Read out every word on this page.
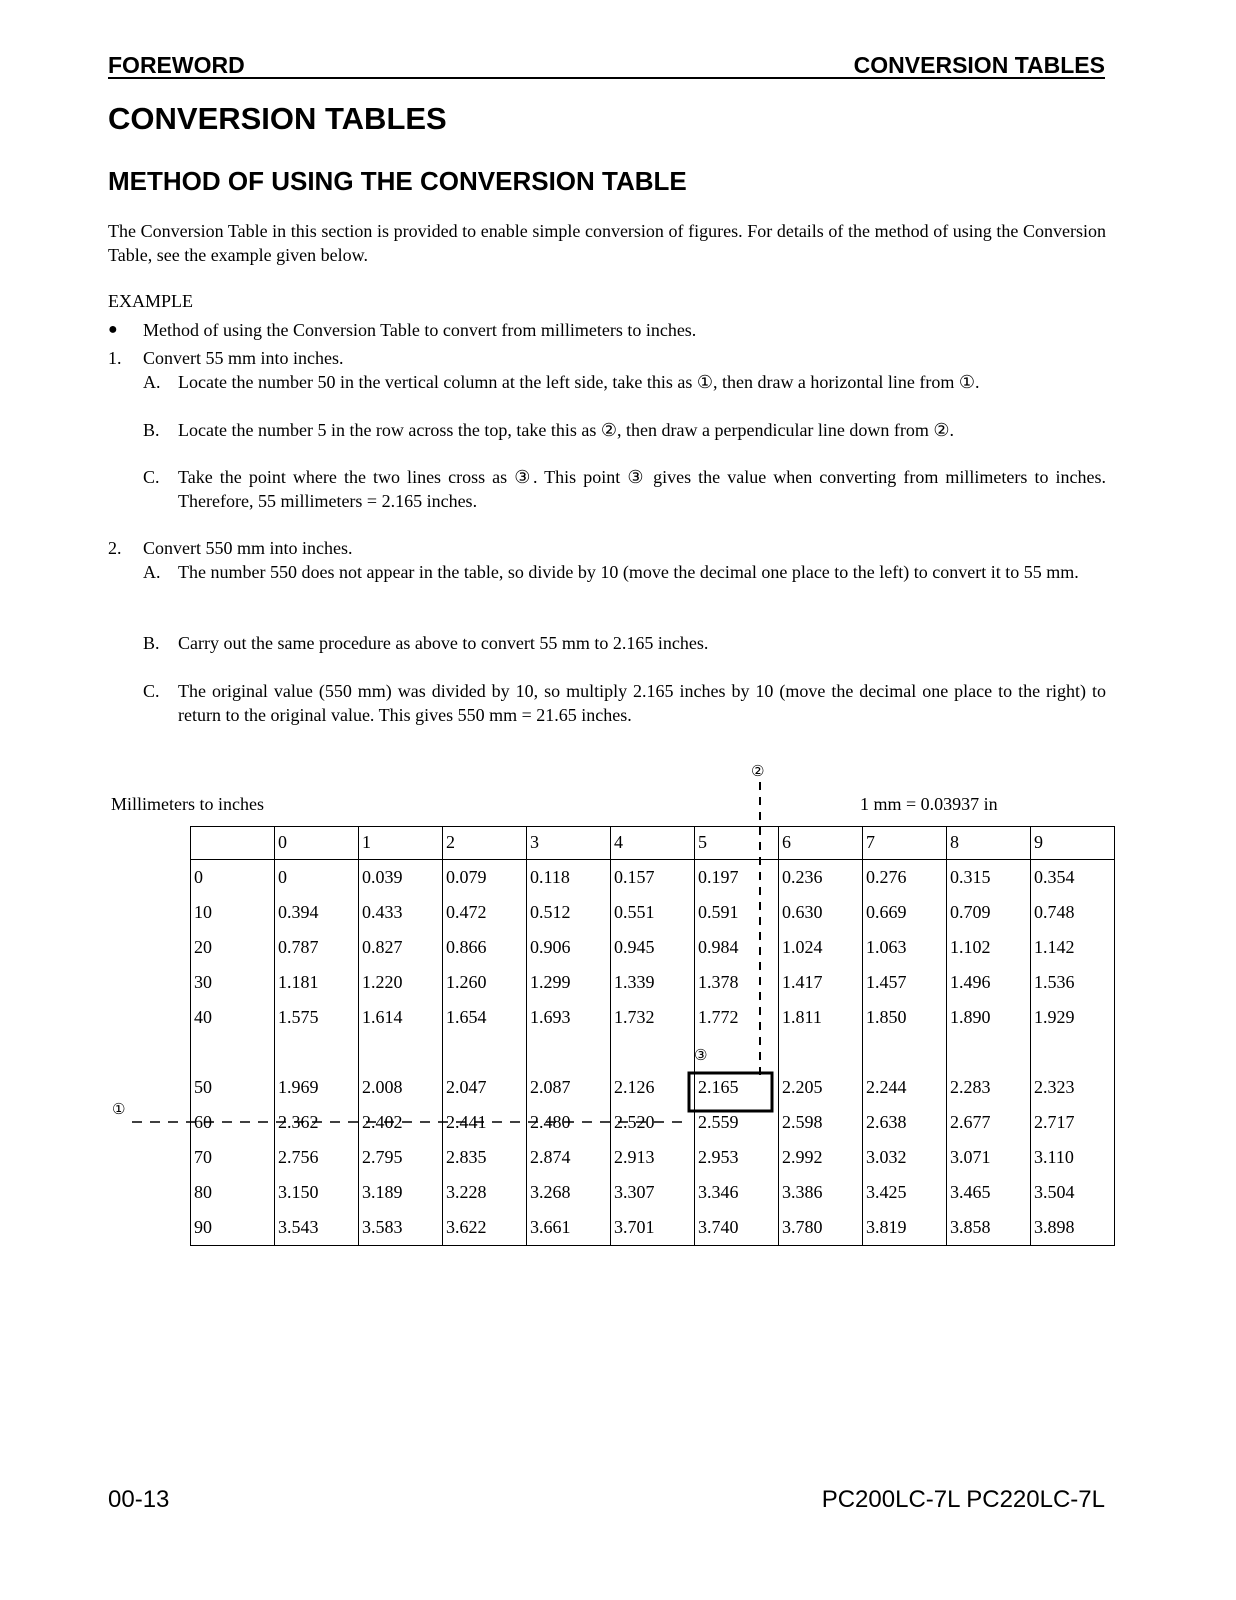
FOREWORD	CONVERSION TABLES
CONVERSION TABLES
METHOD OF USING THE CONVERSION TABLE

The Conversion Table in this section is provided to enable simple conversion of figures. For details of the method of using the Conversion Table, see the example given below.

EXAMPLE
● Method of using the Conversion Table to convert from millimeters to inches.
1. Convert 55 mm into inches.
A. Locate the number 50 in the vertical column at the left side, take this as ①, then draw a horizontal line from ①.
B. Locate the number 5 in the row across the top, take this as ②, then draw a perpendicular line down from ②.
C. Take the point where the two lines cross as ③. This point ③ gives the value when converting from millimeters to inches. Therefore, 55 millimeters = 2.165 inches.
2. Convert 550 mm into inches.
A. The number 550 does not appear in the table, so divide by 10 (move the decimal one place to the left) to convert it to 55 mm.
B. Carry out the same procedure as above to convert 55 mm to 2.165 inches.
C. The original value (550 mm) was divided by 10, so multiply 2.165 inches by 10 (move the decimal one place to the right) to return to the original value. This gives 550 mm = 21.65 inches.
Millimeters to inches	1 mm = 0.03937 in
	0	1	2	3	4	5	6	7	8	9
0	0	0.039	0.079	0.118	0.157	0.197	0.236	0.276	0.315	0.354
10	0.394	0.433	0.472	0.512	0.551	0.591	0.630	0.669	0.709	0.748
20	0.787	0.827	0.866	0.906	0.945	0.984	1.024	1.063	1.102	1.142
30	1.181	1.220	1.260	1.299	1.339	1.378	1.417	1.457	1.496	1.536
40	1.575	1.614	1.654	1.693	1.732	1.772	1.811	1.850	1.890	1.929

50	1.969	2.008	2.047	2.087	2.126	2.165	2.205	2.244	2.283	2.323
60	2.362	2.402	2.441	2.480	2.520	2.559	2.598	2.638	2.677	2.717
70	2.756	2.795	2.835	2.874	2.913	2.953	2.992	3.032	3.071	3.110
80	3.150	3.189	3.228	3.268	3.307	3.346	3.386	3.425	3.465	3.504
90	3.543	3.583	3.622	3.661	3.701	3.740	3.780	3.819	3.858	3.898
②
①
③
00-13	PC200LC-7L PC220LC-7L
